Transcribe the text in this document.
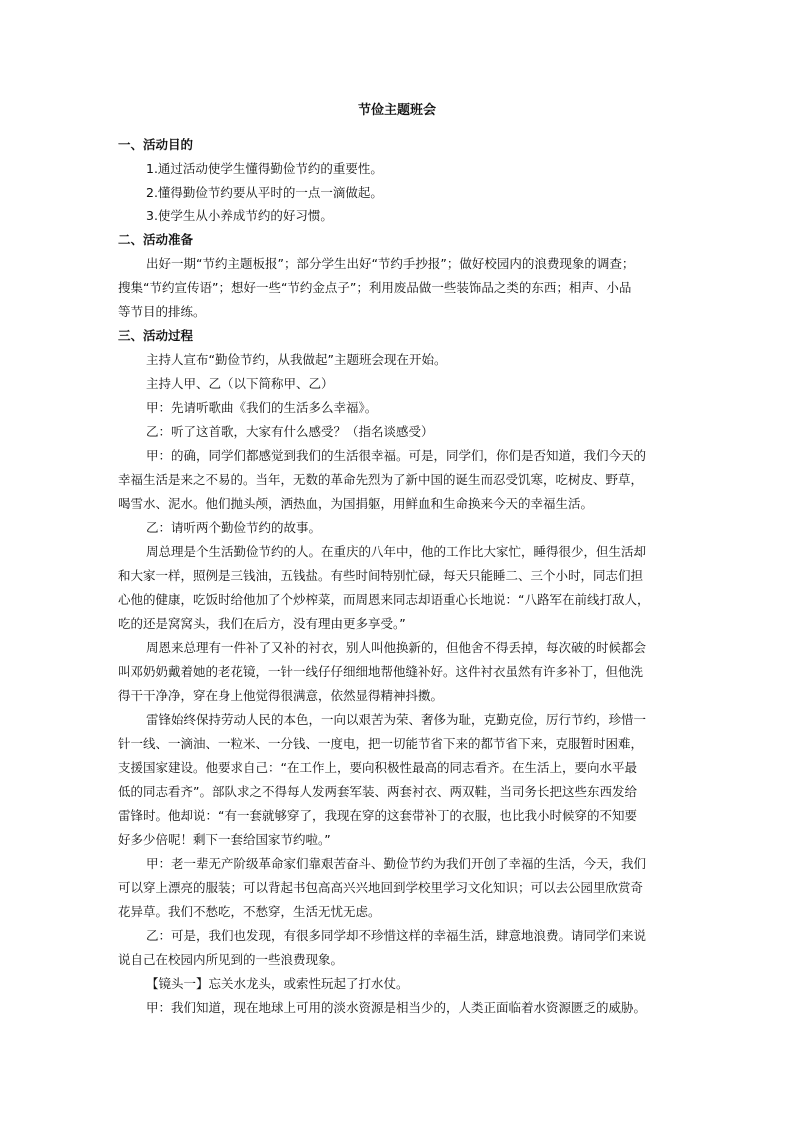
节俭主题班会
一、活动目的
1.通过活动使学生懂得勤俭节约的重要性。
2.懂得勤俭节约要从平时的一点一滴做起。
3.使学生从小养成节约的好习惯。
二、活动准备
出好一期“节约主题板报”；部分学生出好“节约手抄报”；做好校园内的浪费现象的调查；
搜集“节约宣传语”；想好一些“节约金点子”；利用废品做一些装饰品之类的东西；相声、小品
等节目的排练。
三、活动过程
主持人宣布“勤俭节约，从我做起”主题班会现在开始。
主持人甲、乙（以下简称甲、乙）
甲：先请听歌曲《我们的生活多么幸福》。
乙：听了这首歌，大家有什么感受？（指名谈感受）
甲：的确，同学们都感觉到我们的生活很幸福。可是，同学们，你们是否知道，我们今天的
幸福生活是来之不易的。当年，无数的革命先烈为了新中国的诞生而忍受饥寒，吃树皮、野草，
喝雪水、泥水。他们抛头颅，洒热血，为国捐躯，用鲜血和生命换来今天的幸福生活。
乙：请听两个勤俭节约的故事。
周总理是个生活勤俭节约的人。在重庆的八年中，他的工作比大家忙，睡得很少，但生活却
和大家一样，照例是三钱油，五钱盐。有些时间特别忙碌，每天只能睡二、三个小时，同志们担
心他的健康，吃饭时给他加了个炒榨菜，而周恩来同志却语重心长地说：“八路军在前线打敌人，
吃的还是窝窝头，我们在后方，没有理由更多享受。”
周恩来总理有一件补了又补的衬衣，别人叫他换新的，但他舍不得丢掉，每次破的时候都会
叫邓奶奶戴着她的老花镜，一针一线仔仔细细地帮他缝补好。这件衬衣虽然有许多补丁，但他洗
得干干净净，穿在身上他觉得很满意，依然显得精神抖擞。
雷锋始终保持劳动人民的本色，一向以艰苦为荣、奢侈为耻，克勤克俭，厉行节约，珍惜一
针一线、一滴油、一粒米、一分钱、一度电，把一切能节省下来的都节省下来，克服暂时困难，
支援国家建设。他要求自己：“在工作上，要向积极性最高的同志看齐。在生活上，要向水平最
低的同志看齐”。部队求之不得每人发两套军装、两套衬衣、两双鞋，当司务长把这些东西发给
雷锋时。他却说：“有一套就够穿了，我现在穿的这套带补丁的衣服，也比我小时候穿的不知要
好多少倍呢！剩下一套给国家节约啦。”
甲：老一辈无产阶级革命家们靠艰苦奋斗、勤俭节约为我们开创了幸福的生活，今天，我们
可以穿上漂亮的服装；可以背起书包高高兴兴地回到学校里学习文化知识；可以去公园里欣赏奇
花异草。我们不愁吃，不愁穿，生活无忧无虑。
乙：可是，我们也发现，有很多同学却不珍惜这样的幸福生活，肆意地浪费。请同学们来说
说自己在校园内所见到的一些浪费现象。
【镜头一】忘关水龙头，或索性玩起了打水仗。
甲：我们知道，现在地球上可用的淡水资源是相当少的，人类正面临着水资源匮乏的威胁。
